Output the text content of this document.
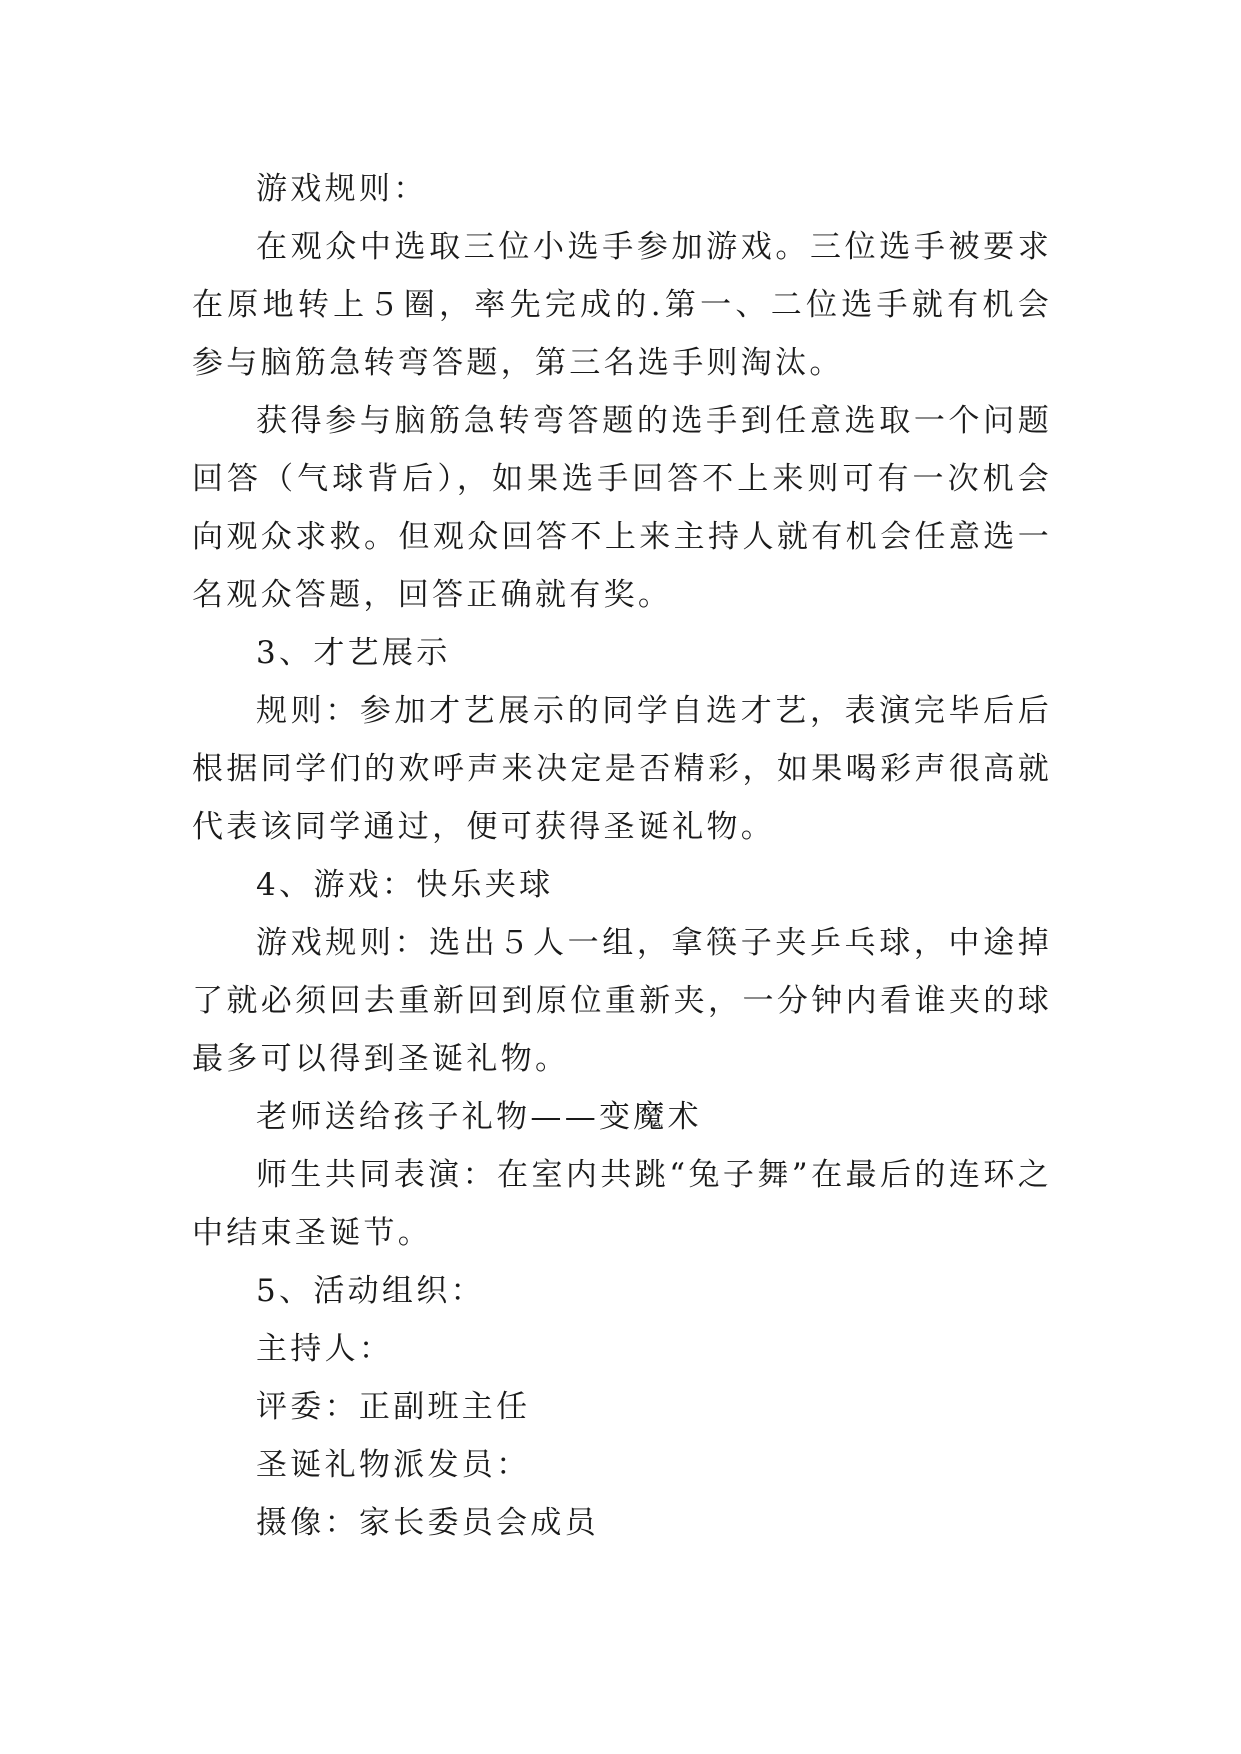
游戏规则：

在观众中选取三位小选手参加游戏。三位选手被要求在原地转上５圈，率先完成的.第一、二位选手就有机会参与脑筋急转弯答题，第三名选手则淘汰。

获得参与脑筋急转弯答题的选手到任意选取一个问题回答（气球背后），如果选手回答不上来则可有一次机会向观众求救。但观众回答不上来主持人就有机会任意选一名观众答题，回答正确就有奖。

3、才艺展示

规则：参加才艺展示的同学自选才艺，表演完毕后后根据同学们的欢呼声来决定是否精彩，如果喝彩声很高就代表该同学通过，便可获得圣诞礼物。

4、游戏：快乐夹球

游戏规则：选出５人一组，拿筷子夹乒乓球，中途掉了就必须回去重新回到原位重新夹，一分钟内看谁夹的球最多可以得到圣诞礼物。

老师送给孩子礼物——变魔术

师生共同表演：在室内共跳“兔子舞”在最后的连环之中结束圣诞节。

5、活动组织：

主持人：

评委：正副班主任

圣诞礼物派发员：

摄像：家长委员会成员
